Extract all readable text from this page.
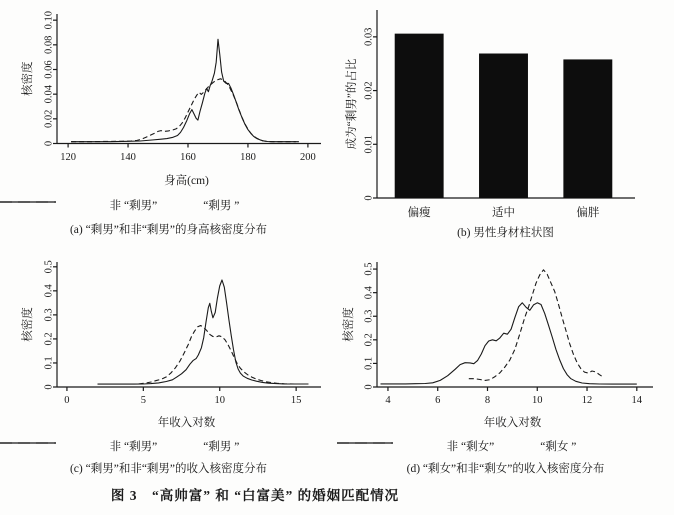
0
0.02
0.04
0.06
0.08
0.10
核密度
120	140	160	180	200
身高(cm)
非 “剩男”	“剩男 ”
(a) “剩男”和非“剩男”的身高核密度分布
0
0.01
0.02
0.03
成为“剩男”的占比
偏瘦	适中	偏胖
(b) 男性身材柱状图
0
0.1
0.2
0.3
0.4
0.5
核密度
0	5	10	15
年收入对数
非 “剩男”	“剩男 ”
(c) “剩男”和非“剩男”的收入核密度分布
0
0.1
0.2
0.3
0.4
0.5
核密度
4	6	8	10	12	14
年收入对数
非 “剩女”	“剩女 ”
(d) “剩女”和非“剩女”的收入核密度分布
图 3　“高帅富” 和 “白富美” 的婚姻匹配情况
